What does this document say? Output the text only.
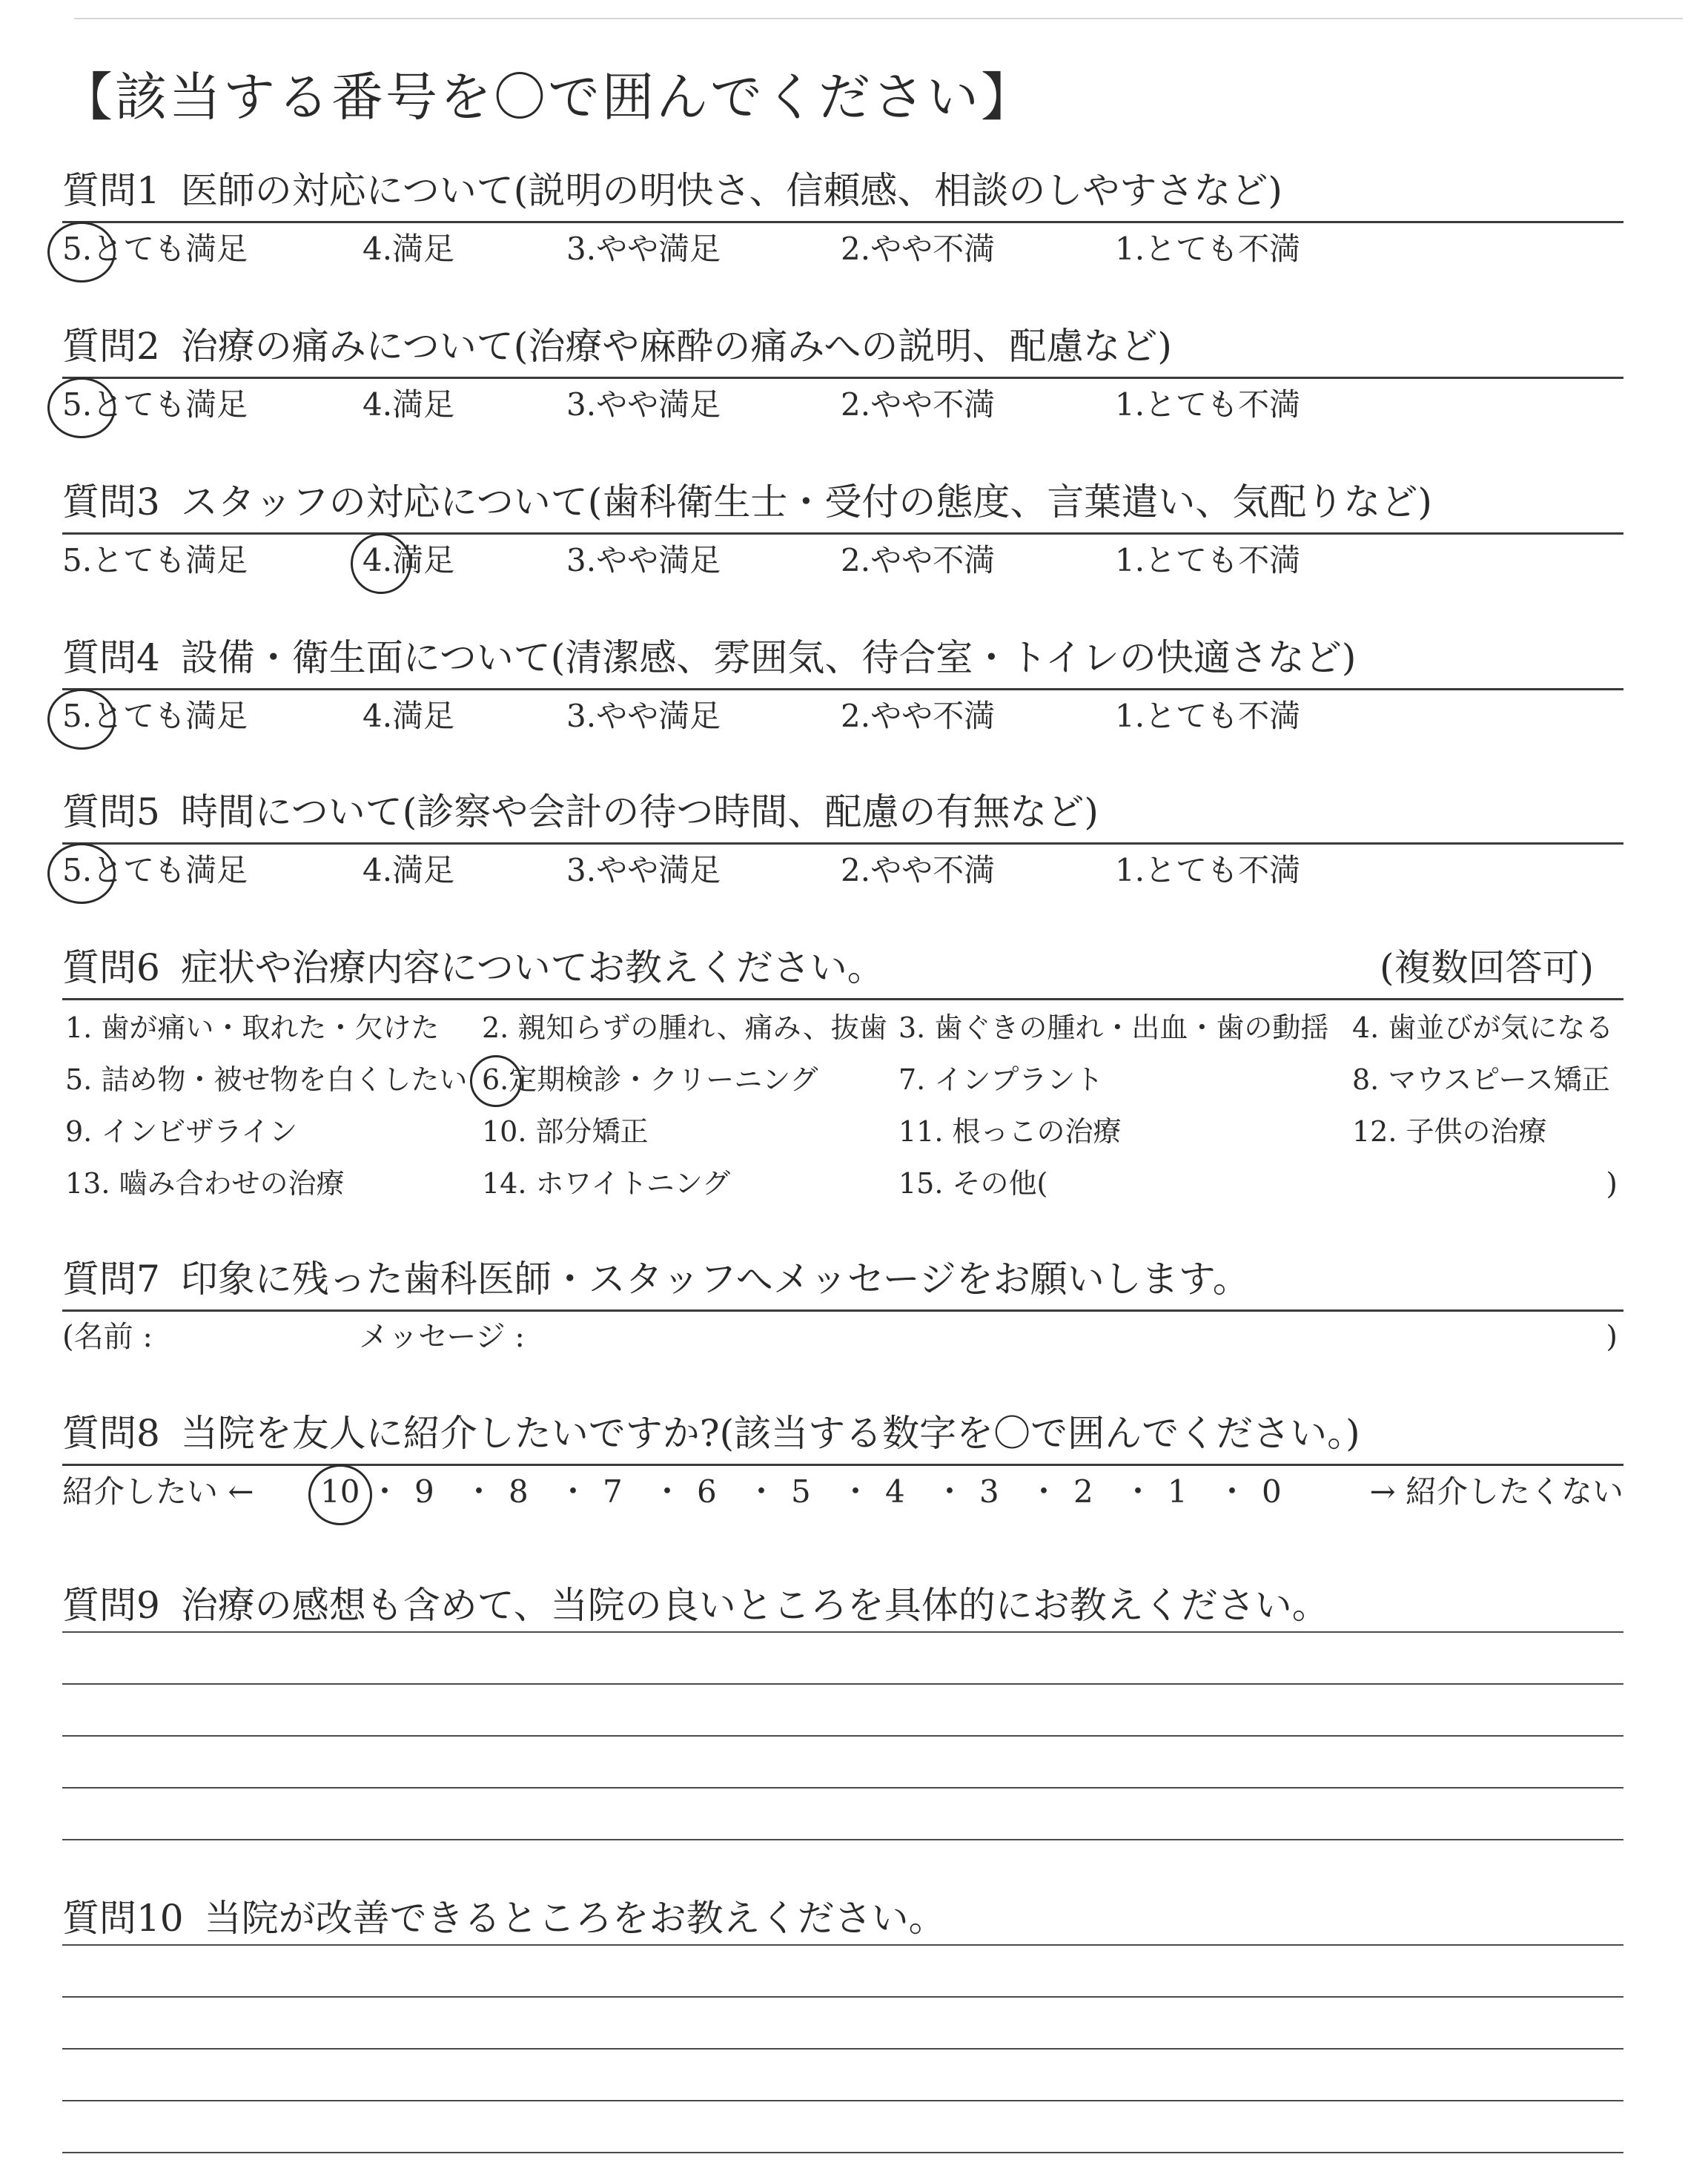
【該当する番号を〇で囲んでください】
質問1 医師の対応について(説明の明快さ、信頼感、相談のしやすさなど)
5.とても満足	4.満足	3.やや満足	2.やや不満	1.とても不満
質問2 治療の痛みについて(治療や麻酔の痛みへの説明、配慮など)
5.とても満足	4.満足	3.やや満足	2.やや不満	1.とても不満
質問3 スタッフの対応について(歯科衛生士・受付の態度、言葉遣い、気配りなど)
5.とても満足	4.満足	3.やや満足	2.やや不満	1.とても不満
質問4 設備・衛生面について(清潔感、雰囲気、待合室・トイレの快適さなど)
5.とても満足	4.満足	3.やや満足	2.やや不満	1.とても不満
質問5 時間について(診察や会計の待つ時間、配慮の有無など)
5.とても満足	4.満足	3.やや満足	2.やや不満	1.とても不満
質問6 症状や治療内容についてお教えください。	(複数回答可)
)
1. 歯が痛い・取れた・欠けた 2. 親知らずの腫れ、痛み、抜歯 3. 歯ぐきの腫れ・出血・歯の動揺 4. 歯並びが気になる
5. 詰め物・被せ物を白くしたい 6.定期検診・クリーニング	7. インプラント	8. マウスピース矯正
9. インビザライン	10. 部分矯正	11. 根っこの治療	12. 子供の治療
13. 嚙み合わせの治療	14. ホワイトニング	15. その他(
質問7 印象に残った歯科医師・スタッフへメッセージをお願いします。
(名前 :	メッセージ :	)
質問8 当院を友人に紹介したいですか?(該当する数字を〇で囲んでください。)
紹介したい ←	→ 紹介したくない
10 ・ 9 ・ 8 ・ 7 ・ 6 ・ 5 ・ 4 ・ 3 ・ 2 ・ 1 ・ 0
質問9 治療の感想も含めて、当院の良いところを具体的にお教えください。
質問10 当院が改善できるところをお教えください。
